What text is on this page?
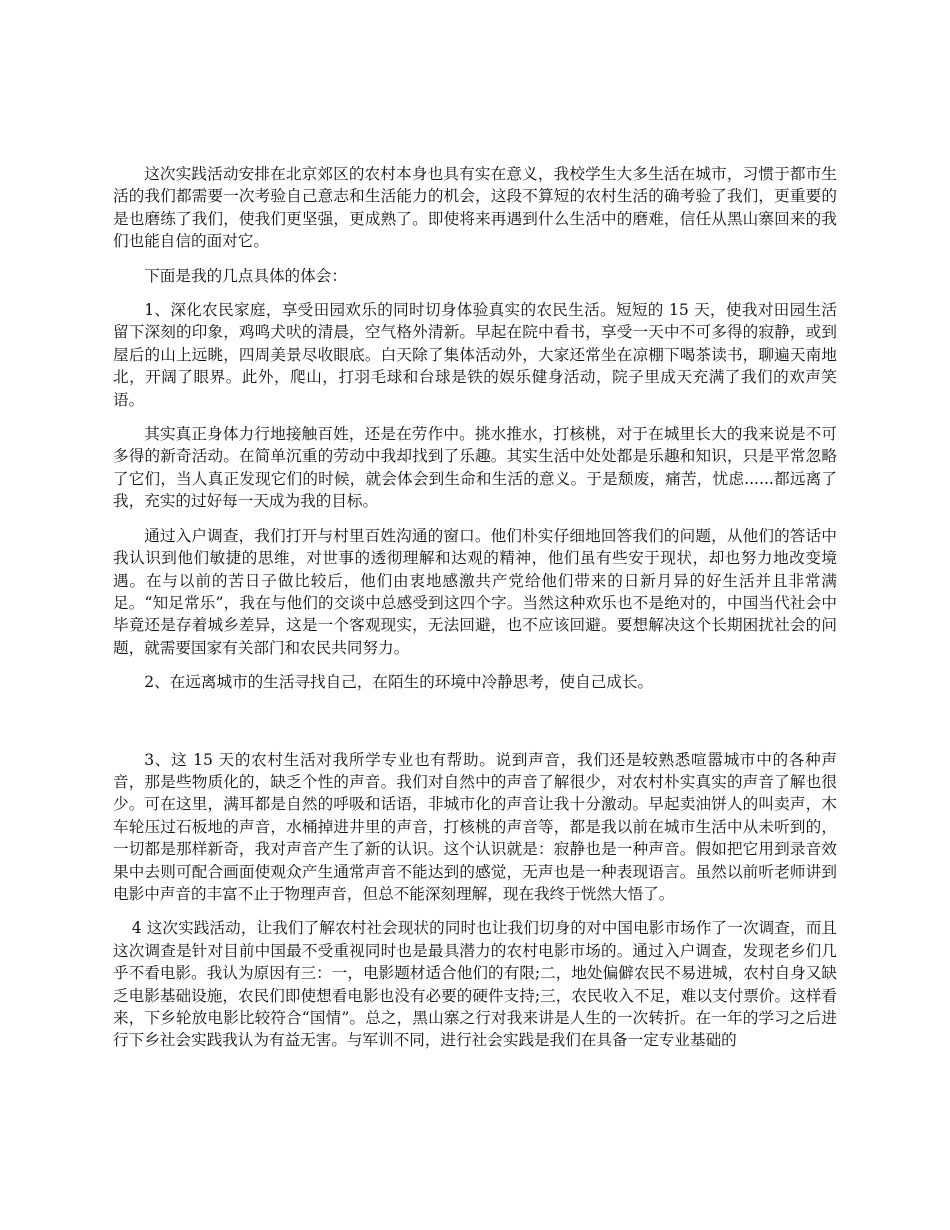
这次实践活动安排在北京郊区的农村本身也具有实在意义，我校学生大多生活在城市，习惯于都市生活的我们都需要一次考验自己意志和生活能力的机会，这段不算短的农村生活的确考验了我们，更重要的是也磨练了我们，使我们更坚强，更成熟了。即使将来再遇到什么生活中的磨难，信任从黑山寨回来的我们也能自信的面对它。

下面是我的几点具体的体会：

1、深化农民家庭，享受田园欢乐的同时切身体验真实的农民生活。短短的 15 天，使我对田园生活留下深刻的印象，鸡鸣犬吠的清晨，空气格外清新。早起在院中看书，享受一天中不可多得的寂静，或到屋后的山上远眺，四周美景尽收眼底。白天除了集体活动外，大家还常坐在凉棚下喝茶读书，聊遍天南地北，开阔了眼界。此外，爬山，打羽毛球和台球是铁的娱乐健身活动，院子里成天充满了我们的欢声笑语。

其实真正身体力行地接触百姓，还是在劳作中。挑水推水，打核桃，对于在城里长大的我来说是不可多得的新奇活动。在简单沉重的劳动中我却找到了乐趣。其实生活中处处都是乐趣和知识，只是平常忽略了它们，当人真正发现它们的时候，就会体会到生命和生活的意义。于是颓废，痛苦，忧虑......都远离了我，充实的过好每一天成为我的目标。

通过入户调查，我们打开与村里百姓沟通的窗口。他们朴实仔细地回答我们的问题，从他们的答话中我认识到他们敏捷的思维，对世事的透彻理解和达观的精神，他们虽有些安于现状，却也努力地改变境遇。在与以前的苦日子做比较后，他们由衷地感激共产党给他们带来的日新月异的好生活并且非常满足。“知足常乐”，我在与他们的交谈中总感受到这四个字。当然这种欢乐也不是绝对的，中国当代社会中毕竟还是存着城乡差异，这是一个客观现实，无法回避，也不应该回避。要想解决这个长期困扰社会的问题，就需要国家有关部门和农民共同努力。

2、在远离城市的生活寻找自己，在陌生的环境中冷静思考，使自己成长。

3、这 15 天的农村生活对我所学专业也有帮助。说到声音，我们还是较熟悉喧嚣城市中的各种声音，那是些物质化的，缺乏个性的声音。我们对自然中的声音了解很少，对农村朴实真实的声音了解也很少。可在这里，满耳都是自然的呼吸和话语，非城市化的声音让我十分激动。早起卖油饼人的叫卖声，木车轮压过石板地的声音，水桶掉进井里的声音，打核桃的声音等，都是我以前在城市生活中从未听到的，一切都是那样新奇，我对声音产生了新的认识。这个认识就是：寂静也是一种声音。假如把它用到录音效果中去则可配合画面使观众产生通常声音不能达到的感觉，无声也是一种表现语言。虽然以前听老师讲到电影中声音的丰富不止于物理声音，但总不能深刻理解，现在我终于恍然大悟了。

4 这次实践活动，让我们了解农村社会现状的同时也让我们切身的对中国电影市场作了一次调查，而且这次调查是针对目前中国最不受重视同时也是最具潜力的农村电影市场的。通过入户调查，发现老乡们几乎不看电影。我认为原因有三：一，电影题材适合他们的有限;二，地处偏僻农民不易进城，农村自身又缺乏电影基础设施，农民们即使想看电影也没有必要的硬件支持;三，农民收入不足，难以支付票价。这样看来，下乡轮放电影比较符合“国情”。总之，黑山寨之行对我来讲是人生的一次转折。在一年的学习之后进行下乡社会实践我认为有益无害。与军训不同，进行社会实践是我们在具备一定专业基础的
